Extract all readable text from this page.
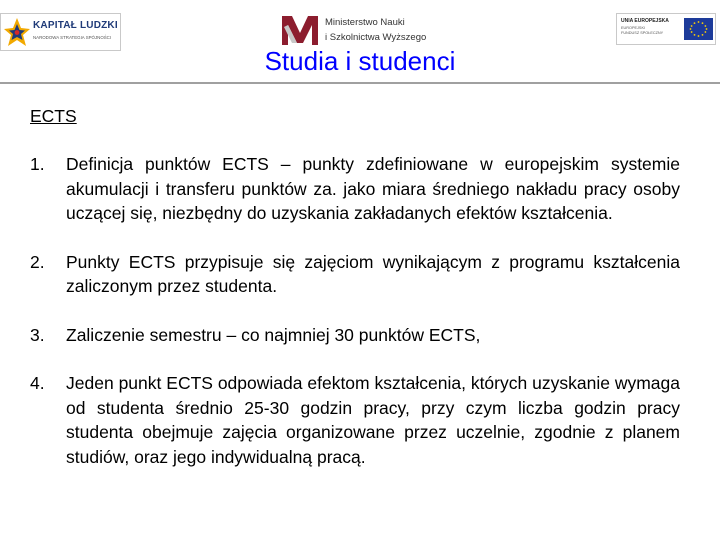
KAPITAŁ LUDZKI
NARODOWA STRATEGIA SPÓJNOŚCI
Ministerstwo Nauki
i Szkolnictwa Wyższego
UNIA EUROPEJSKA
EUROPEJSKI
FUNDUSZ SPOŁECZNY
Studia i studenci
ECTS
1. Definicja punktów ECTS – punkty zdefiniowane w europejskim systemie akumulacji i transferu punktów za. jako miara średniego nakładu pracy osoby uczącej się, niezbędny do uzyskania zakładanych efektów kształcenia.
2. Punkty ECTS przypisuje się zajęciom wynikającym z programu kształcenia zaliczonym przez studenta.
3. Zaliczenie semestru – co najmniej 30 punktów ECTS,
4. Jeden punkt ECTS odpowiada efektom kształcenia, których uzyskanie wymaga od studenta średnio 25-30 godzin pracy, przy czym liczba godzin pracy studenta obejmuje zajęcia organizowane przez uczelnie, zgodnie z planem studiów, oraz jego indywidualną pracą.
